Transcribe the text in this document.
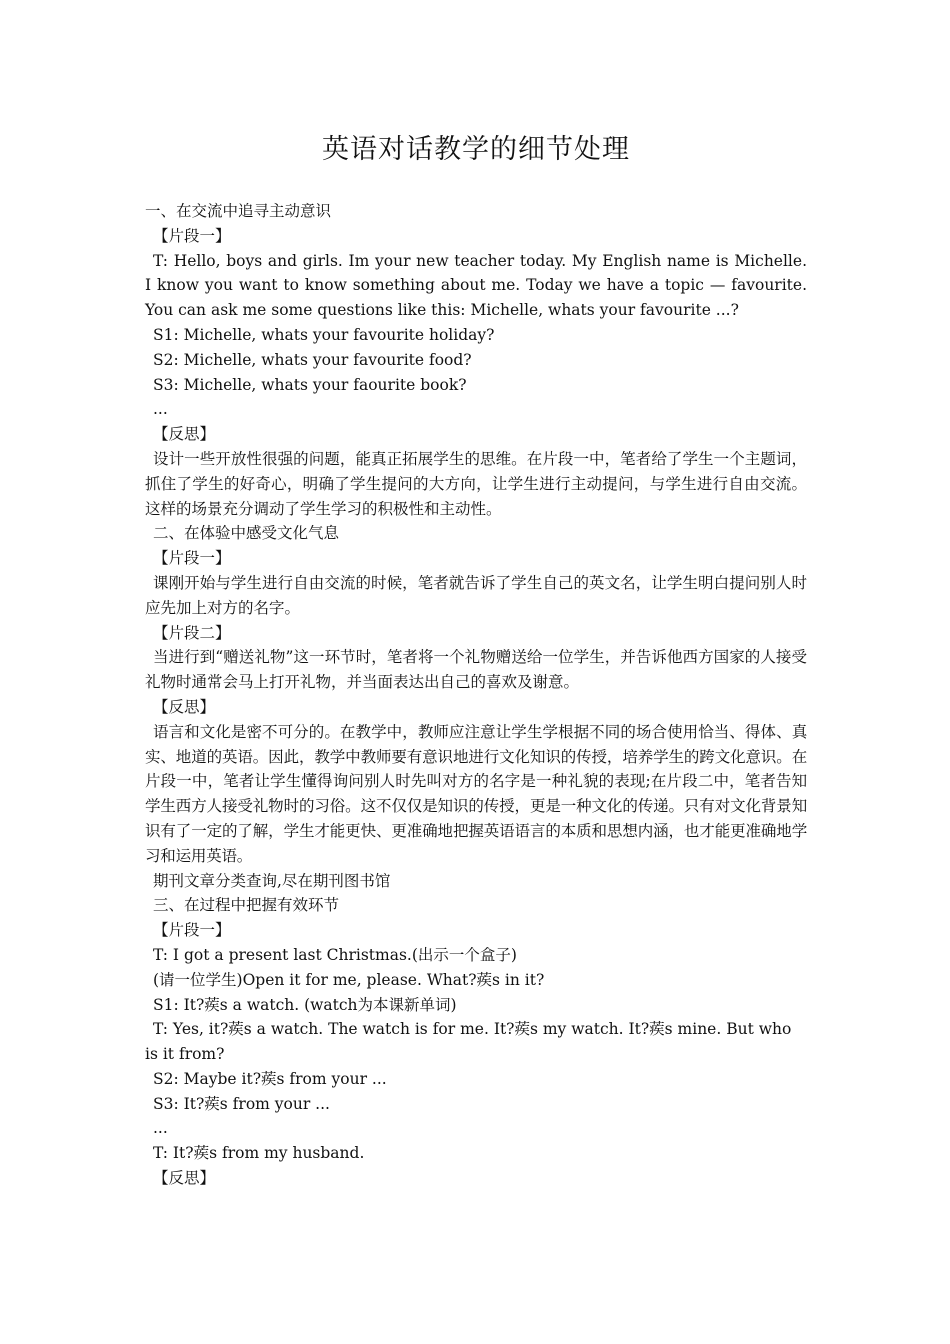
英语对话教学的细节处理

一、在交流中追寻主动意识

【片段一】

T: Hello, boys and girls. Im your new teacher today. My English name is Michelle. I know you want to know something about me. Today we have a topic — favourite. You can ask me some questions like this: Michelle, whats your favourite ...?

S1: Michelle, whats your favourite holiday?

S2: Michelle, whats your favourite food?

S3: Michelle, whats your faourite book?

...

【反思】

设计一些开放性很强的问题，能真正拓展学生的思维。在片段一中，笔者给了学生一个主题词，抓住了学生的好奇心，明确了学生提问的大方向，让学生进行主动提问，与学生进行自由交流。这样的场景充分调动了学生学习的积极性和主动性。

二、在体验中感受文化气息

【片段一】

课刚开始与学生进行自由交流的时候，笔者就告诉了学生自己的英文名，让学生明白提问别人时应先加上对方的名字。

【片段二】

当进行到“赠送礼物”这一环节时，笔者将一个礼物赠送给一位学生，并告诉他西方国家的人接受礼物时通常会马上打开礼物，并当面表达出自己的喜欢及谢意。

【反思】

语言和文化是密不可分的。在教学中，教师应注意让学生学根据不同的场合使用恰当、得体、真实、地道的英语。因此，教学中教师要有意识地进行文化知识的传授，培养学生的跨文化意识。在片段一中，笔者让学生懂得询问别人时先叫对方的名字是一种礼貌的表现;在片段二中，笔者告知学生西方人接受礼物时的习俗。这不仅仅是知识的传授，更是一种文化的传递。只有对文化背景知识有了一定的了解，学生才能更快、更准确地把握英语语言的本质和思想内涵，也才能更准确地学习和运用英语。

期刊文章分类查询,尽在期刊图书馆

三、在过程中把握有效环节

【片段一】

T: I got a present last Christmas.(出示一个盒子)

(请一位学生)Open it for me, please. What?蒺s in it?

S1: It?蒺s a watch. (watch为本课新单词)

T: Yes, it?蒺s a watch. The watch is for me. It?蒺s my watch. It?蒺s mine. But who is it from?

S2: Maybe it?蒺s from your ...

S3: It?蒺s from your ...

...

T: It?蒺s from my husband.

【反思】
